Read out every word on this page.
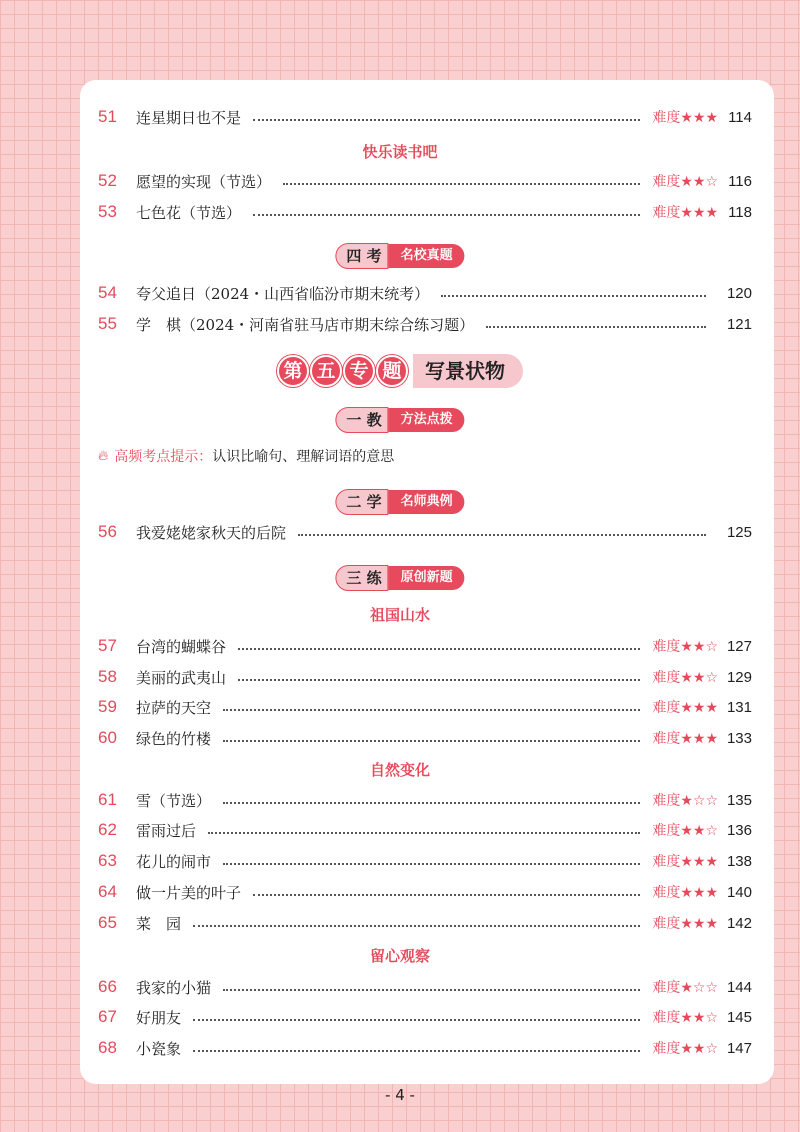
51	连星期日也不是	难度★★★ 114
快乐读书吧
52	愿望的实现（节选）	难度★★☆ 116
53	七色花（节选）	难度★★★ 118
四 考	名校真题
54	夸父追日（2024・山西省临汾市期末统考）	120
55	学　棋（2024・河南省驻马店市期末综合练习题）	121
第 五 专 题	写景状物
一 教	方法点拨
🔥︎ 高频考点提示： 认识比喻句、理解词语的意思
二 学	名师典例
56	我爱姥姥家秋天的后院	125
三 练	原创新题
祖国山水
57	台湾的蝴蝶谷	难度★★☆ 127
58	美丽的武夷山	难度★★☆ 129
59	拉萨的天空	难度★★★ 131
60	绿色的竹楼	难度★★★ 133
自然变化
61	雪（节选）	难度★☆☆ 135
62	雷雨过后	难度★★☆ 136
63	花儿的闹市	难度★★★ 138
64	做一片美的叶子	难度★★★ 140
65	菜　园	难度★★★ 142
留心观察
66	我家的小猫	难度★☆☆ 144
67	好朋友	难度★★☆ 145
68	小瓷象	难度★★☆ 147
- 4 -
